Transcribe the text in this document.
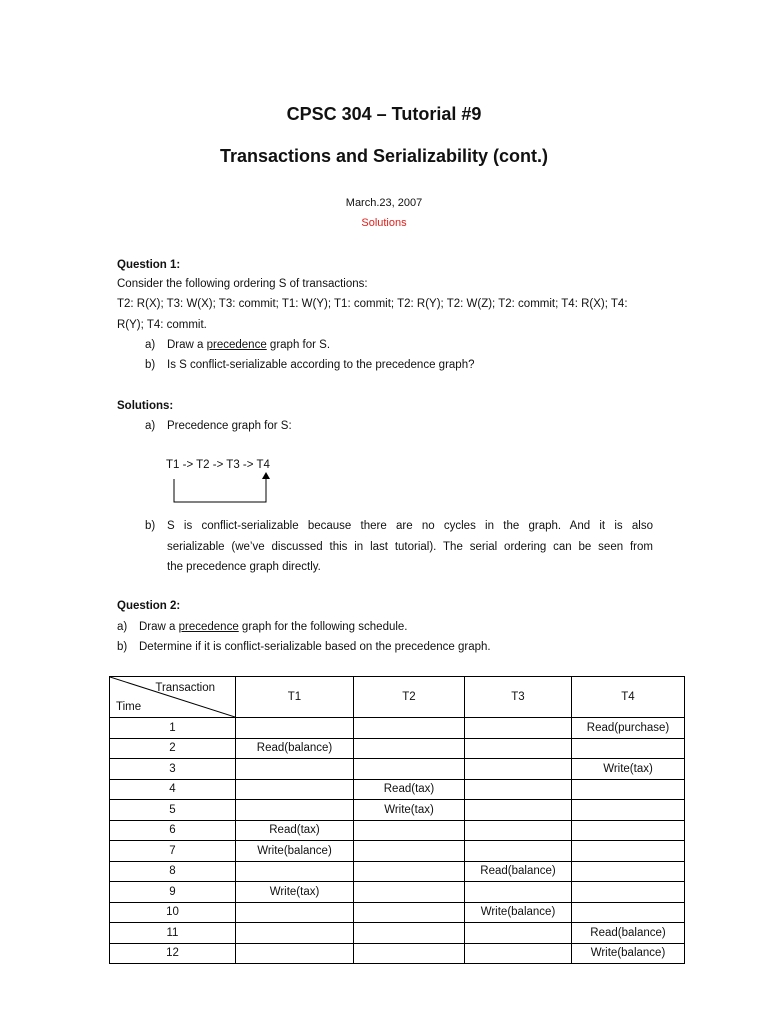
CPSC 304 – Tutorial #9
Transactions and Serializability (cont.)
March.23, 2007
Solutions
Question 1:
Consider the following ordering S of transactions:
T2: R(X); T3: W(X); T3: commit; T1: W(Y); T1: commit; T2: R(Y); T2: W(Z); T2: commit; T4: R(X); T4:
R(Y); T4: commit.
a) Draw a precedence graph for S.
b) Is S conflict-serializable according to the precedence graph?
Solutions:
a) Precedence graph for S:
T1 -> T2 -> T3 -> T4
b) S is conflict-serializable because there are no cycles in the graph. And it is also
serializable (we’ve discussed this in last tutorial). The serial ordering can be seen from
the precedence graph directly.
Question 2:
a) Draw a precedence graph for the following schedule.
b) Determine if it is conflict-serializable based on the precedence graph.
Transaction
Time	T1	T2	T3	T4
1				Read(purchase)
2	Read(balance)			
3				Write(tax)
4		Read(tax)		
5		Write(tax)		
6	Read(tax)			
7	Write(balance)			
8			Read(balance)	
9	Write(tax)			
10			Write(balance)	
11				Read(balance)
12				Write(balance)
